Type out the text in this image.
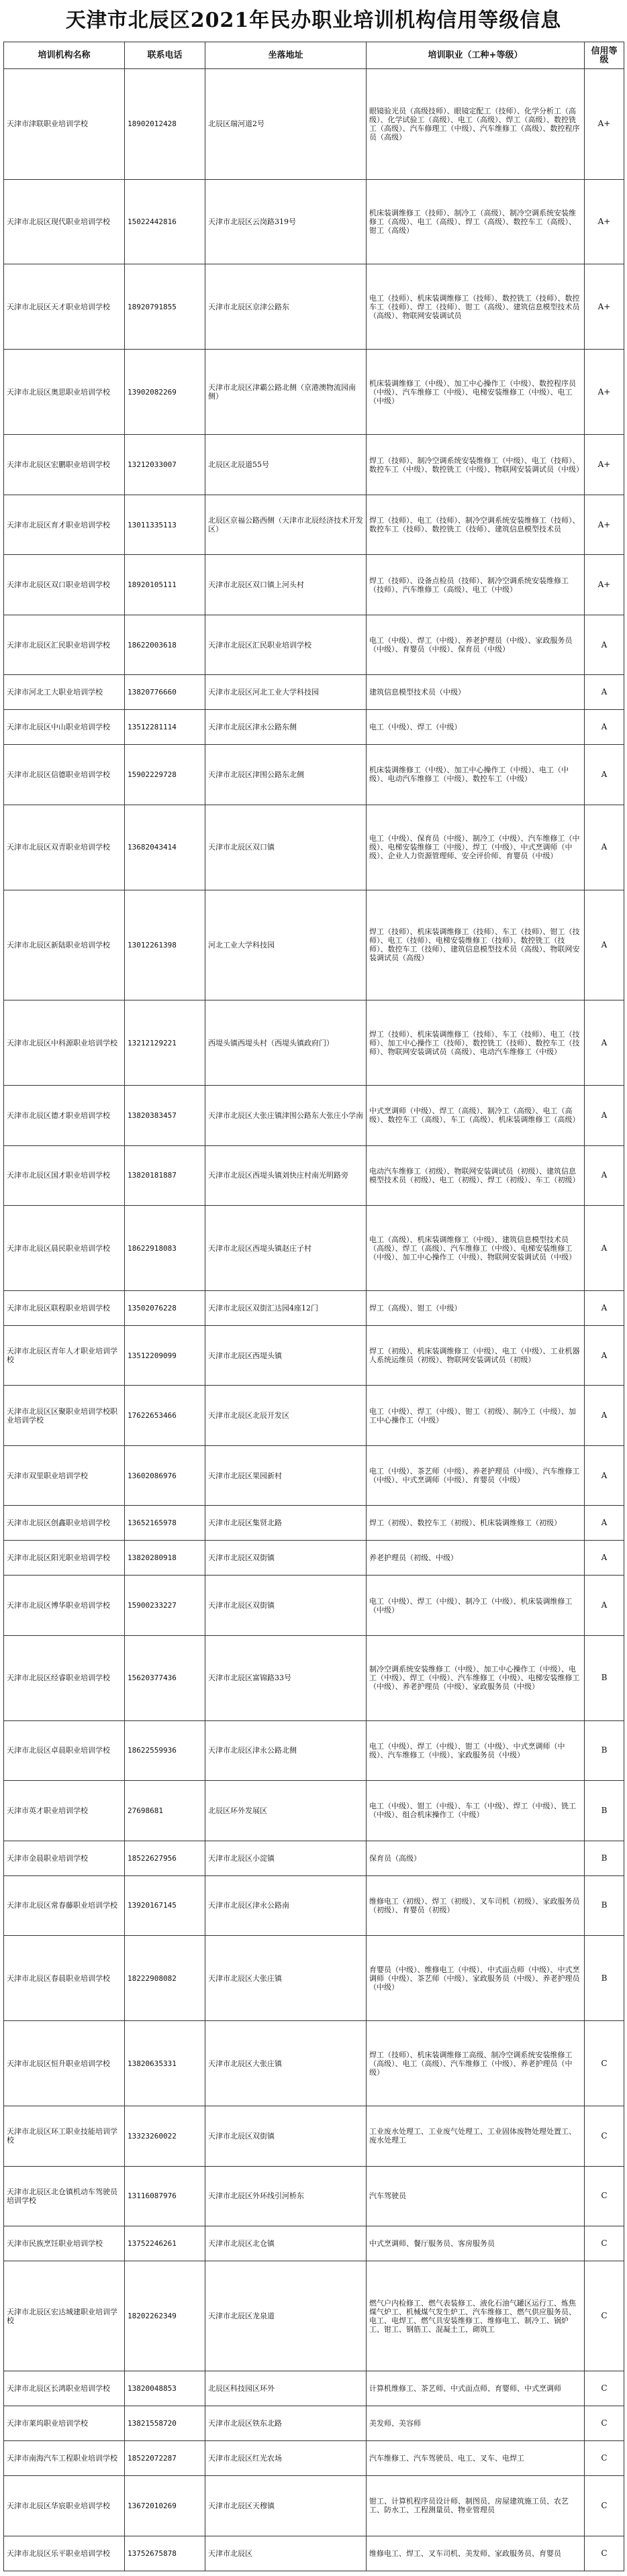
天津市北辰区2021年民办职业培训机构信用等级信息
培训机构名称	联系电话	坐落地址	培训职业（工种+等级）	信用等级
天津市津联职业培训学校	18902012428	北辰区瑞河道2号	眼镜验光员（高级技师）、眼镜定配工（技师）、化学分析工（高级）、化学试验工（高级）、电工（高级）、焊工（高级）、数控铣工（高级）、汽车修理工（中级）、汽车维修工（高级）、数控程序员（高级）	A+
天津市北辰区现代职业培训学校	15022442816	天津市北辰区云岗路319号	机床装调维修工（技师）、制冷工（高级）、制冷空调系统安装维修工（高级）、电工（高级）、焊工（高级）、数控车工（高级）、钳工（高级）	A+
天津市北辰区天才职业培训学校	18920791855	天津市北辰区京津公路东	电工（技师）、机床装调维修工（技师）、数控铣工（技师）、数控车工（技师）、焊工（技师）、钳工（高级）、建筑信息模型技术员（高级）、物联网安装调试员	A+
天津市北辰区奥思职业培训学校	13902082269	天津市北辰区津霸公路北侧（京港澳物流园南侧）	机床装调维修工（中级）、加工中心操作工（中级）、数控程序员（中级）、汽车维修工（中级）、电梯安装维修工（中级）、电工（中级）	A+
天津市北辰区宏鹏职业培训学校	13212033007	北辰区北辰道55号	焊工（技师）、制冷空调系统安装维修工（中级）、电工（技师）、数控车工（中级）、数控铣工（中级）、物联网安装调试员（中级）	A+
天津市北辰区育才职业培训学校	13011335113	北辰区京福公路西侧（天津市北辰经济技术开发区）	焊工（技师）、电工（技师）、制冷空调系统安装维修工（技师）、数控车工（技师）、数控铣工（技师）、建筑信息模型技术员	A+
天津市北辰区双口职业培训学校	18920105111	天津市北辰区双口镇上河头村	焊工（技师）、设备点检员（技师）、制冷空调系统安装维修工（技师）、汽车维修工（高级）、电工（中级）	A+
天津市北辰区汇民职业培训学校	18622003618	天津市北辰区汇民职业培训学校	电工（中级）、焊工（中级）、养老护理员（中级）、家政服务员（中级）、育婴员（中级）、保育员（中级）	A
天津市河北工大职业培训学校	13820776660	天津市北辰区河北工业大学科技园	建筑信息模型技术员（中级）	A
天津市北辰区中山职业培训学校	13512281114	天津市北辰区津永公路东侧	电工（中级）、焊工（中级）	A
天津市北辰区信德职业培训学校	15902229728	天津市北辰区津围公路东北侧	机床装调维修工（中级）、加工中心操作工（中级）、电工（中级）、电动汽车维修工（中级）、数控车工（中级）	A
天津市北辰区双青职业培训学校	13682043414	天津市北辰区双口镇	电工（中级）、保育员（中级）、制冷工（中级）、汽车维修工（中级）、电梯安装维修工（中级）、焊工（中级）、中式烹调师（中级）、企业人力资源管理师、安全评价师、育婴员（中级）	A
天津市北辰区新陆职业培训学校	13012261398	河北工业大学科技园	焊工（技师）、机床装调维修工（技师）、车工（技师）、钳工（技师）、电工（技师）、电梯安装维修工（技师）、数控铣工（技师）、数控车工（技师）、建筑信息模型技术员（高级）、物联网安装调试员（高级）	A
天津市北辰区中科源职业培训学校	13212129221	西堤头镇西堤头村（西堤头镇政府门）	焊工（技师）、机床装调维修工（技师）、车工（技师）、电工（技师）、加工中心操作工（技师）、数控铣工（技师）、数控车工（技师）、物联网安装调试员（高级）、电动汽车维修工（中级）	A
天津市北辰区德才职业培训学校	13820383457	天津市北辰区大张庄镇津围公路东大张庄小学南	中式烹调师（中级）、焊工（高级）、制冷工（高级）、电工（高级）、数控车工（高级）、车工（高级）、机床装调维修工（高级）	A
天津市北辰区国才职业培训学校	13820181887	天津市北辰区西堤头镇刘快庄村南光明路旁	电动汽车维修工（初级）、物联网安装调试员（初级）、建筑信息模型技术员（初级）、电工（初级）、焊工（初级）、车工（初级）	A
天津市北辰区晨民职业培训学校	18622918083	天津市北辰区西堤头镇赵庄子村	电工（高级）、机床装调维修工（中级）、建筑信息模型技术员（高级）、焊工（高级）、汽车维修工（中级）、电梯安装维修工（中级）、加工中心操作工（中级）、物联网安装调试员（中级）	A
天津市北辰区联程职业培训学校	13502076228	天津市北辰区双街汇达园4座12门	焊工（高级）、钳工（中级）	A
天津市北辰区青年人才职业培训学校	13512209099	天津市北辰区西堤头镇	焊工（初级）、机床装调维修工（中级）、电工（中级）、工业机器人系统运维员（初级）、物联网安装调试员（初级）	A
天津市北辰区区聚职业培训学校职业培训学校	17622653466	天津市北辰区北辰开发区	电工（中级）、焊工（中级）、钳工（初级）、制冷工（中级）、加工中心操作工（中级）	A
天津市双里职业培训学校	13602086976	天津市北辰区果园新村	电工（中级）、茶艺师（中级）、养老护理员（中级）、汽车维修工（中级）、中式烹调师（中级）、育婴员（中级）	A
天津市北辰区创鑫职业培训学校	13652165978	天津市北辰区集贤北路	焊工（初级）、数控车工（初级）、机床装调维修工（初级）	A
天津市北辰区阳光职业培训学校	13820280918	天津市北辰区双街镇	养老护理员（初级、中级）	A
天津市北辰区博华职业培训学校	15900233227	天津市北辰区双街镇	电工（中级）、焊工（中级）、制冷工（中级）、机床装调维修工（中级）	A
天津市北辰区经睿职业培训学校	15620377436	天津市北辰区富锦路33号	制冷空调系统安装维修工（中级）、加工中心操作工（中级）、电工（中级）、焊工（中级）、汽车维修工（中级）、电梯安装维修工（中级）、养老护理员（中级）、家政服务员（中级）	B
天津市北辰区卓晨职业培训学校	18622559936	天津市北辰区津永公路北侧	电工（中级）、焊工（中级）、钳工（中级）、中式烹调师（中级）、汽车维修工（中级）、家政服务员（中级）	B
天津市英才职业培训学校	27698681	北辰区环外发展区	电工（中级）、钳工（中级）、车工（中级）、焊工（中级）、铣工（中级）、组合机床操作工（中级）	B
天津市金晨职业培训学校	18522627956	天津市北辰区小淀镇	保育员（高级）	B
天津市北辰区常春藤职业培训学校	13920167145	天津市北辰区津永公路南	维修电工（初级）、焊工（初级）、叉车司机（初级）、家政服务员（初级）、育婴员（初级）	B
天津市北辰区春晨职业培训学校	18222908082	天津市北辰区大张庄镇	育婴员（中级）、维修电工（中级）、中式面点师（中级）、中式烹调师（中级）、茶艺师（中级）、家政服务员（中级）、养老护理员（中级）	B
天津市北辰区恒升职业培训学校	13820635331	天津市北辰区大张庄镇	焊工（技师）、机床装调维修工高级、制冷空调系统安装维修工（高级）、电工（高级）、汽车维修工（中级）、养老护理员（中级）	C
天津市北辰区环工职业技能培训学校	13323260022	天津市北辰区双街镇	工业废水处理工、工业废气处理工、工业固体废物处理处置工、废水处理工	C
天津市北辰区北仓镇机动车驾驶员培训学校	13116087976	天津市北辰区外环线引河桥东	汽车驾驶员	C
天津市民族烹饪职业培训学校	13752246261	天津市北辰区北仓镇	中式烹调师、餐厅服务员、客房服务员	C
天津市北辰区宏达城建职业培训学校	18202262349	天津市北辰区龙泉道	燃气户内检修工、燃气表装修工、液化石油气罐区运行工、炼焦煤气炉工、机械煤气发生炉工、汽车维修工、燃气供应服务员、电工、电焊工、燃气具安装维修工、维修电工、制冷工、锅炉工、钳工、钢筋工、混凝土工、砌筑工	C
天津市北辰区长鸿职业培训学校	13820048853	北辰区科技园区环外	计算机维修工、茶艺师、中式面点师、育婴师、中式烹调师	C
天津市莱坞职业培训学校	13821558720	天津市北辰区铁东北路	美发师、美容师	C
天津市南海汽车工程职业培训学校	18522072287	天津市北辰区红光农场	汽车维修工、汽车驾驶员、电工、叉车、电焊工	C
天津市北辰区华宸职业培训学校	13672010269	天津市北辰区天穆镇	钳工、计算机程序员设计师、制图员、房屋建筑施工员、农艺工、防水工、工程测量员、物业管理员	C
天津市北辰区乐平职业培训学校	13752675878	天津市北辰区	维修电工、焊工、叉车司机、美发师、家政服务员、育婴员	C
